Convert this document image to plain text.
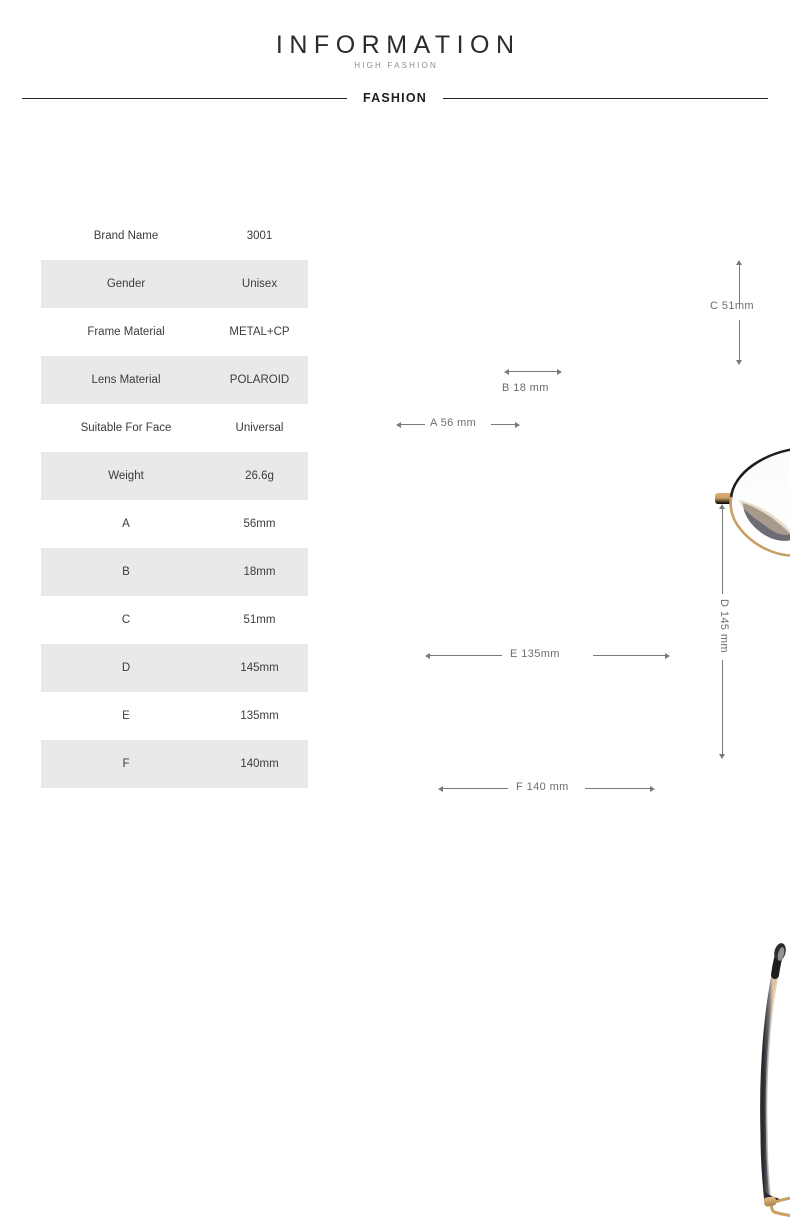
INFORMATION
HIGH FASHION
FASHION
Brand Name	3001
Gender	Unisex
Frame Material	METAL+CP
Lens Material	POLAROID
Suitable For Face	Universal
Weight	26.6g
A	56mm
B	18mm
C	51mm
D	145mm
E	135mm
F	140mm
A 56 mm
B 18 mm
C 51mm
E 135mm
D 145 mm
F 140 mm
